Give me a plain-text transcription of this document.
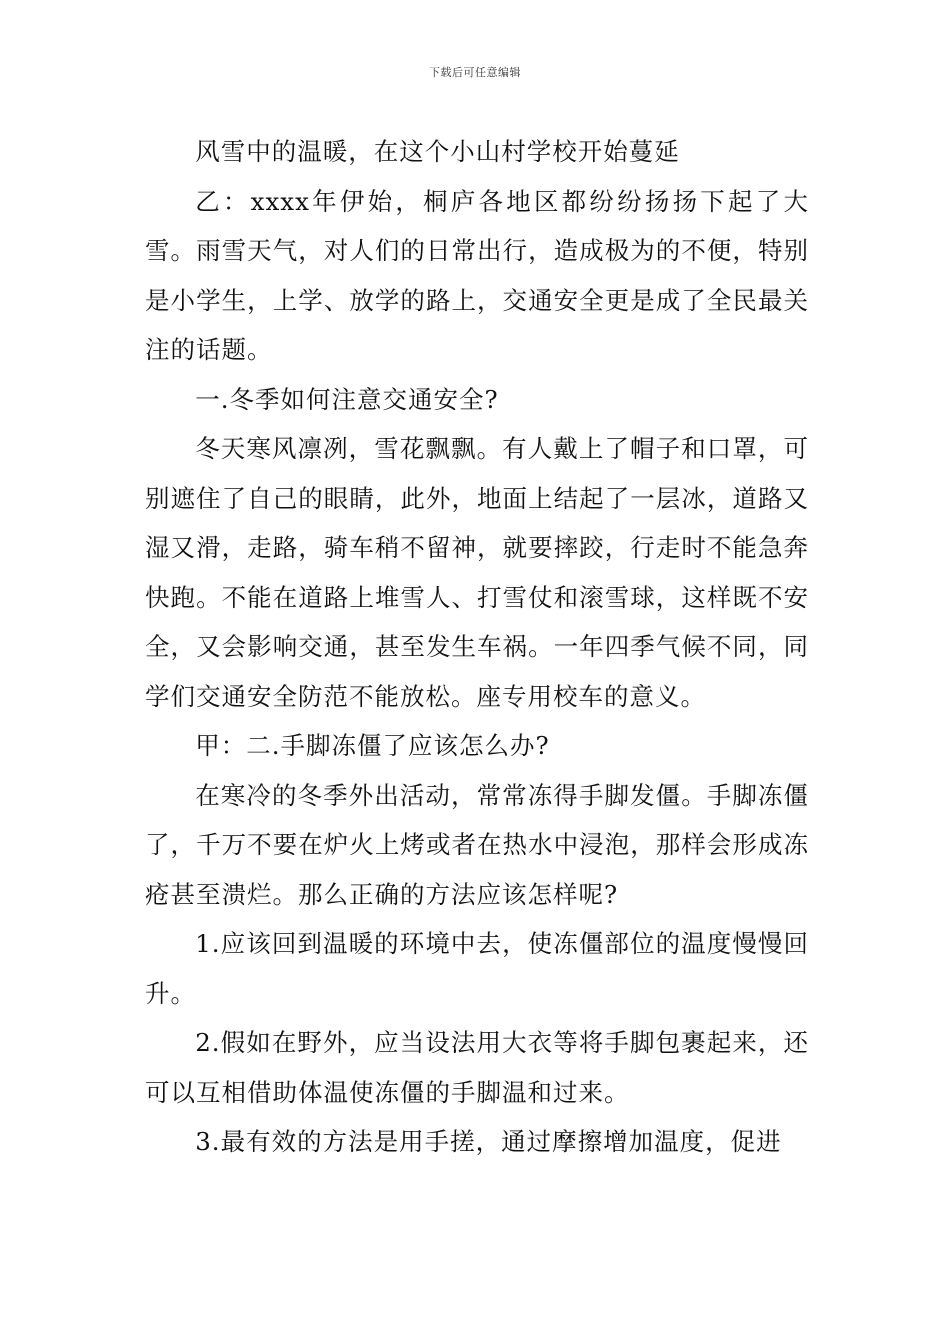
下载后可任意编辑

风雪中的温暖，在这个小山村学校开始蔓延

乙：xxxx年伊始，桐庐各地区都纷纷扬扬下起了大雪。雨雪天气，对人们的日常出行，造成极为的不便，特别是小学生，上学、放学的路上，交通安全更是成了全民最关注的话题。

一.冬季如何注意交通安全?

冬天寒风凛冽，雪花飘飘。有人戴上了帽子和口罩，可别遮住了自己的眼睛，此外，地面上结起了一层冰，道路又湿又滑，走路，骑车稍不留神，就要摔跤，行走时不能急奔快跑。不能在道路上堆雪人、打雪仗和滚雪球，这样既不安全，又会影响交通，甚至发生车祸。一年四季气候不同，同学们交通安全防范不能放松。座专用校车的意义。

甲：二.手脚冻僵了应该怎么办?

在寒冷的冬季外出活动，常常冻得手脚发僵。手脚冻僵了，千万不要在炉火上烤或者在热水中浸泡，那样会形成冻疮甚至溃烂。那么正确的方法应该怎样呢?

1.应该回到温暖的环境中去，使冻僵部位的温度慢慢回升。

2.假如在野外，应当设法用大衣等将手脚包裹起来，还可以互相借助体温使冻僵的手脚温和过来。

3.最有效的方法是用手搓，通过摩擦增加温度，促进
